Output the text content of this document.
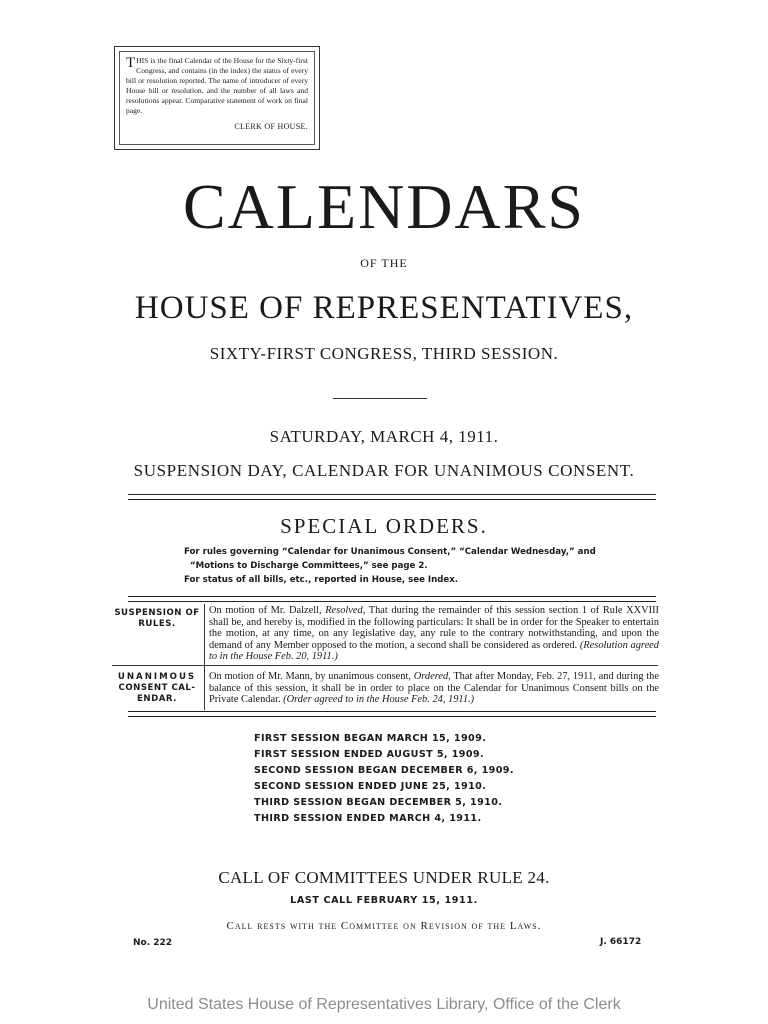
THIS is the final Calendar of the House for the Sixty-first Congress, and contains (in the index) the status of every bill or resolution reported. The name of introducer of every House bill or resolution, and the number of all laws and resolutions appear. Comparative statement of work on final page.
CLERK OF HOUSE.
CALENDARS
OF THE
HOUSE OF REPRESENTATIVES,
SIXTY-FIRST CONGRESS, THIRD SESSION.
SATURDAY, MARCH 4, 1911.
SUSPENSION DAY, CALENDAR FOR UNANIMOUS CONSENT.
SPECIAL ORDERS.
For rules governing “Calendar for Unanimous Consent,” “Calendar Wednesday,” and
“Motions to Discharge Committees,” see page 2.
For status of all bills, etc., reported in House, see Index.
SUSPENSION OF
RULES.
On motion of Mr. Dalzell, Resolved, That during the remainder of this session section 1 of Rule XXVIII shall be, and hereby is, modified in the following particulars: It shall be in order for the Speaker to entertain the motion, at any time, on any legislative day, any rule to the contrary notwithstanding, and upon the demand of any Member opposed to the motion, a second shall be considered as ordered. (Resolution agreed to in the House Feb. 20, 1911.)
UNANIMOUS
CONSENT CAL-
ENDAR.
On motion of Mr. Mann, by unanimous consent, Ordered, That after Monday, Feb. 27, 1911, and during the balance of this session, it shall be in order to place on the Calendar for Unanimous Consent bills on the Private Calendar. (Order agreed to in the House Feb. 24, 1911.)
FIRST SESSION BEGAN MARCH 15, 1909.
FIRST SESSION ENDED AUGUST 5, 1909.
SECOND SESSION BEGAN DECEMBER 6, 1909.
SECOND SESSION ENDED JUNE 25, 1910.
THIRD SESSION BEGAN DECEMBER 5, 1910.
THIRD SESSION ENDED MARCH 4, 1911.
CALL OF COMMITTEES UNDER RULE 24.
LAST CALL FEBRUARY 15, 1911.
Call rests with the Committee on Revision of the Laws.
No. 222	J. 66172
United States House of Representatives Library, Office of the Clerk
